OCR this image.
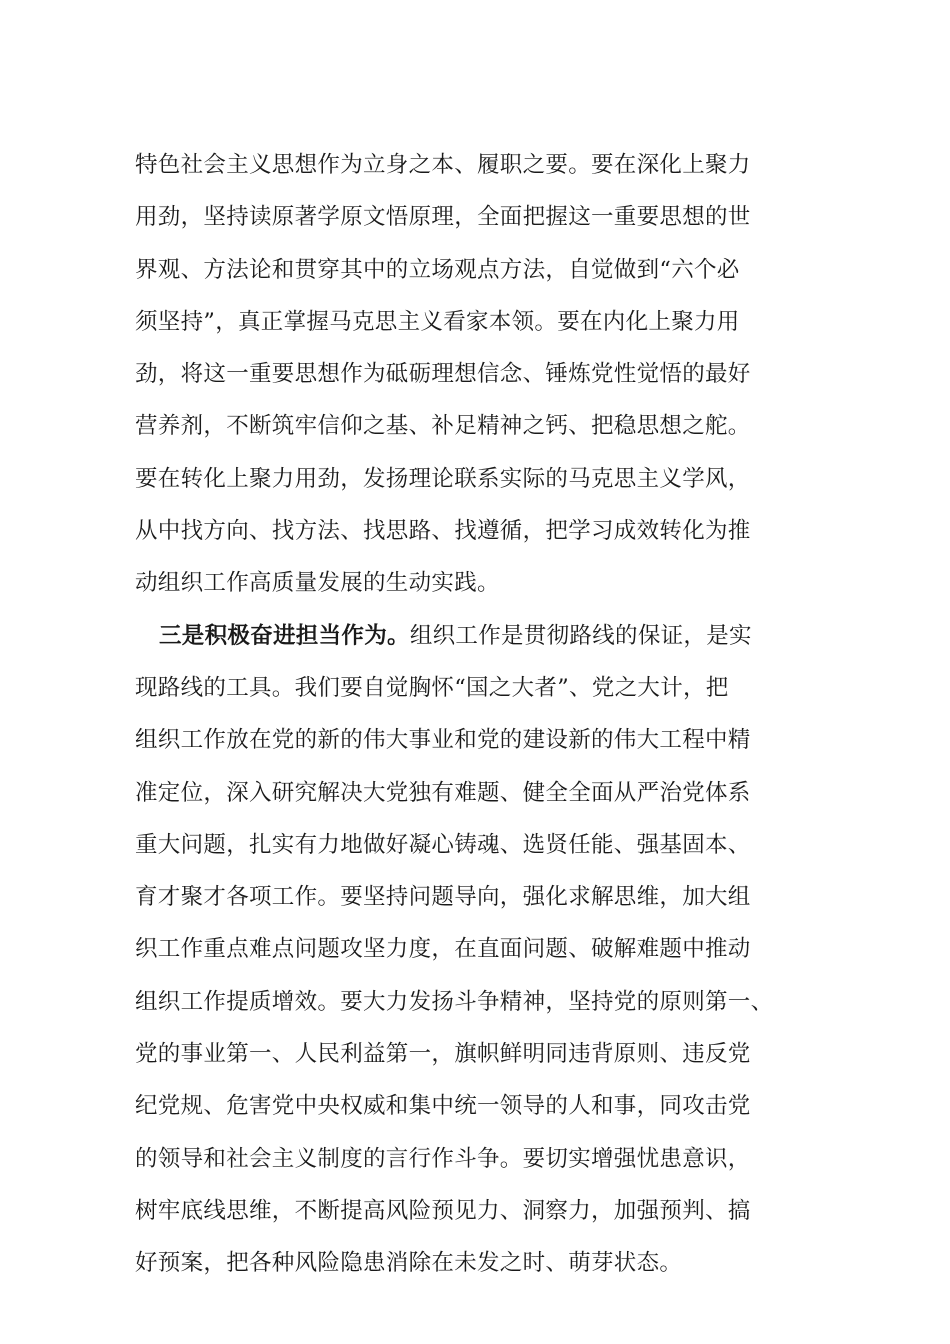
特色社会主义思想作为立身之本、履职之要。要在深化上聚力
用劲，坚持读原著学原文悟原理，全面把握这一重要思想的世
界观、方法论和贯穿其中的立场观点方法，自觉做到“六个必
须坚持”，真正掌握马克思主义看家本领。要在内化上聚力用
劲，将这一重要思想作为砥砺理想信念、锤炼党性觉悟的最好
营养剂，不断筑牢信仰之基、补足精神之钙、把稳思想之舵。
要在转化上聚力用劲，发扬理论联系实际的马克思主义学风，
从中找方向、找方法、找思路、找遵循，把学习成效转化为推
动组织工作高质量发展的生动实践。
三是积极奋进担当作为。组织工作是贯彻路线的保证，是实
现路线的工具。我们要自觉胸怀“国之大者”、党之大计，把
组织工作放在党的新的伟大事业和党的建设新的伟大工程中精
准定位，深入研究解决大党独有难题、健全全面从严治党体系
重大问题，扎实有力地做好凝心铸魂、选贤任能、强基固本、
育才聚才各项工作。要坚持问题导向，强化求解思维，加大组
织工作重点难点问题攻坚力度，在直面问题、破解难题中推动
组织工作提质增效。要大力发扬斗争精神，坚持党的原则第一、
党的事业第一、人民利益第一，旗帜鲜明同违背原则、违反党
纪党规、危害党中央权威和集中统一领导的人和事，同攻击党
的领导和社会主义制度的言行作斗争。要切实增强忧患意识，
树牢底线思维，不断提高风险预见力、洞察力，加强预判、搞
好预案，把各种风险隐患消除在未发之时、萌芽状态。
